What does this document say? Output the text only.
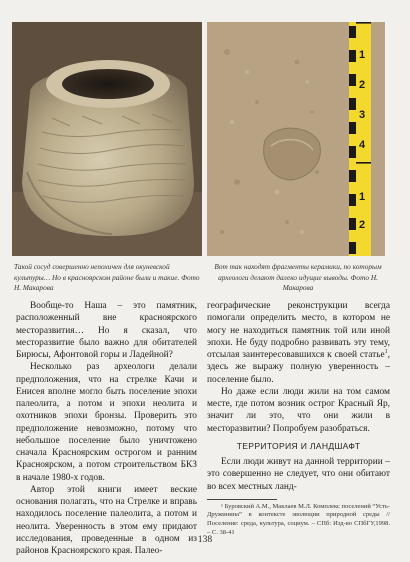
1
2
3
4
1
2
Такой сосуд совершенно непохичен для окуневской культуры… Но в красноярском районе были и такие. Фото Н. Макарова
Вот так находят фрагменты керамики, по которым археологи делают далеко идущие выводы. Фото Н. Макарова

Вообще-то Наша – это памятник, расположенный вне красноярского местоpазвития… Но я сказал, что месторазвитие было важно для обитателей Бирюсы, Афонтовой горы и Ладейной?

Несколько раз археологи делали предположения, что на стрелке Качи и Енисея вполне могло быть поселение эпохи палеолита, а потом и эпохи неолита и охотников эпохи бронзы. Проверить это предположение невозможно, потому что небольшое поселение было уничтожено сначала Красноярским острогом и ранним Красноярском, а потом строительством БКЗ в начале 1980-х годов.

Автор этой книги имеет веские основания полагать, что на Стрелке и вправь находилось поселение палеолита, а потом и неолита. Уверенность в этом ему придают исследования, проведенные в одном из районов Красноярского края. Палео-

географические реконструкции всегда помогали определить место, в котором не могу не находиться памятник той или иной эпохи. Не буду подробно развивать эту тему, отсылая заинтересовавшихся к своей статье$^1$, здесь же выражу полную уверенность – поселение было.

Но даже если люди жили на том самом месте, где потом возник острог Красный Яр, значит ли это, что они жили в местоpазвитии? Попробуем разобраться.

ТЕРРИТОРИЯ И ЛАНДШАФТ

Если люди живут на данной территории – это совершенно не следует, что они обитают во всех местных ланд-

¹ Буровский А.М., Маклаев М.Л. Комплекс поселений “Усть-Дружинина” в контексте эволюции природной среды // Поселение: среда, культура, социум. – СПб: Изд-во СПбГУ,1998. – С. 38-41

138
